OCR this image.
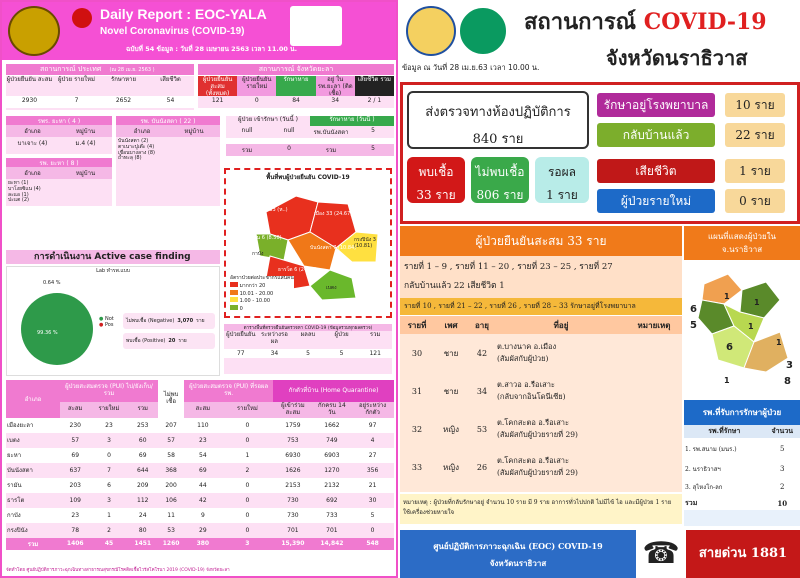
Daily Report : EOC-YALA
Novel Coronavirus (COVID-19)
ฉบับที่ 54 ข้อมูล : วันที่ 28 เมษายน 2563 เวลา 11.00 น.
สถานการณ์ ประเทศ (ณ 28 เม.ย. 2563 )	สถานการณ์ จังหวัดยะลา
ผู้ป่วยยืนยัน สะสม ผู้ป่วย รายใหม่	รักษาหาย	เสียชีวิต
2930	7	2652	54
ผู้ป่วยยืนยันสะสม (ทั้งหมด)
ผู้ป่วยยืนยัน รายใหม่
รักษาหาย	อยู่ ใน รพ.ยะลา (ติดเชื้อ)
เสียชีวิต รวม
121	0	84	34	2 / 1
รพร. ยะหา ( 4 )
อำเภอ	หมู่บ้าน
บาเจาะ (4)	ม.4 (4)
รพ. บันนังสตา ( 22 )
อำเภอ	หมู่บ้าน
บันนังสตา (2)
ตาเนาะปูเต๊ะ (4)
เขื่อนบางลาง (8)
ถ้ำทะลุ (8)
รพ. ยะหา ( 8 )
อำเภอ	หมู่บ้าน
ยะหา (1)
บาโงยซิแน (4)
ละแอ (1)
ปะแต (2)
ผู้ป่วย เข้ารักษา (วันนี้ )	รักษาหาย (วันนี้ )
null	null	รพ.บันนังสตา	5
รวม	0	รวม	5
พื้นที่พบผู้ป่วยยืนยัน COVID-19
ยะหา 33 (ห..)
เมือง 33 (24.67)
บันนังสตา 7 (10.84)
ธารโต 6 (24.17)
รามัน 6 (8.50)
กาบัง
เบตง
กรงปินัง 3 (10.81)
อัตราป่วยต่อประชากรแสนคน
มากกว่า 20
10.01 - 20.00
1.00 - 10.00
0
การดำเนินงาน Active case finding
Lab ทำรพ.แบบ
0.64 %
99.36 %
● Not
● Pos
ไม่พบเชื้อ (Negative) 3,070 ราย
พบเชื้อ (Positive) 20 ราย
ตารางพื้นที่ตรวจยืนยันตรวจหา COVID-19 (ข้อมูลรวมทุกผลตรวจ)
ผู้ป่วยยืนยัน ระหว่างรอผล
ผลลบ	ผู้ป่วย	รวม
77	34	5	5	121
อำเภอ	ผู้ป่วยสะสมตรวจ (PUI) ไป/ยังเก็บ/รวม			ไม่พบเชื้อ	ผู้ป่วยสะสมตรวจ (PUI) ที่รอผล รพ.		กักตัวที่บ้าน (Home Quarantine)		
	สะสม	รายใหม่	รวม		สะสม	รายใหม่	ผู้เข้าร่วมสะสม	กักครบ 14 วัน	อยู่ระหว่างกักตัว
เมืองยะลา	230	23	253	207	110	0	1759	1662	97
เบตง	57	3	60	57	23	0	753	749	4
ยะหา	69	0	69	58	54	1	6930	6903	27
บันนังสตา	637	7	644	368	69	2	1626	1270	356
รามัน	203	6	209	200	44	0	2153	2132	21
ธารโต	109	3	112	106	42	0	730	692	30
กาบัง	23	1	24	11	9	0	730	733	5
กรงปินัง	78	2	80	53	29	0	701	701	0
รวม	1406	45	1451	1260	380	3	15,390	14,842	548
จัดทำโดย ศูนย์ปฏิบัติการภาวะฉุกเฉินทางสาธารณสุขกรณีโรคติดเชื้อไวรัสโคโรนา 2019 (COVID-19) จังหวัดยะลา
สถานการณ์ COVID-19
จังหวัดนราธิวาส
ข้อมูล ณ วันที่ 28 เม.ย.63 เวลา 10.00 น.
ส่งตรวจทางห้องปฏิบัติการ
840 ราย
พบเชื้อ
33 ราย
ไม่พบเชื้อ
806 ราย
รอผล
1 ราย
รักษาอยู่โรงพยาบาล	10 ราย
กลับบ้านแล้ว	22 ราย
เสียชีวิต	1 ราย
ผู้ป่วยรายใหม่	0 ราย
ผู้ป่วยยืนยันสะสม 33 ราย
รายที่ 1 – 9 , รายที่ 11 – 20 , รายที่ 23 – 25 , รายที่ 27
กลับบ้านแล้ว 22 เสียชีวิต 1
รายที่ 10 , รายที่ 21 – 22 , รายที่ 26 , รายที่ 28 – 33 รักษาอยู่ที่โรงพยาบาล
แผนที่แสดงผู้ป่วยใน
จ.นราธิวาส
6
1
1
5
6	1
1
3
8
1
รายที่	เพศ	อายุ	ที่อยู่	หมายเหตุ
30	ชาย	42	ต.บางนาค อ.เมือง
(สัมผัสกับผู้ป่วย)	

31	ชาย	34	ต.สาวอ อ.รือเสาะ
(กลับจากอินโดนีเซีย)	

32	หญิง	53	ต.โคกสะตอ อ.รือเสาะ
(สัมผัสกับผู้ป่วยรายที่ 29)	

33	หญิง	26	ต.โคกสะตอ อ.รือเสาะ
(สัมผัสกับผู้ป่วยรายที่ 29)	
หมายเหตุ : ผู้ป่วยที่กลับรักษาอยู่ จำนวน 10 ราย มี 9 ราย อาการทั่วไปปกติ ไม่มีไข้ ไอ และมีผู้ป่วย 1 ราย ใช้เครื่องช่วยหายใจ
รพ.ที่รับการรักษาผู้ป่วย
รพ.ที่รักษา	จำนวน
1. รพ.สนาม (มนร.)	5
2. นราธิวาสฯ	3
3. สุไหงโก-ลก	2
รวม	10
ศูนย์ปฏิบัติการภาวะฉุกเฉิน (EOC) COVID-19
จังหวัดนราธิวาส	☎	สายด่วน 1881
